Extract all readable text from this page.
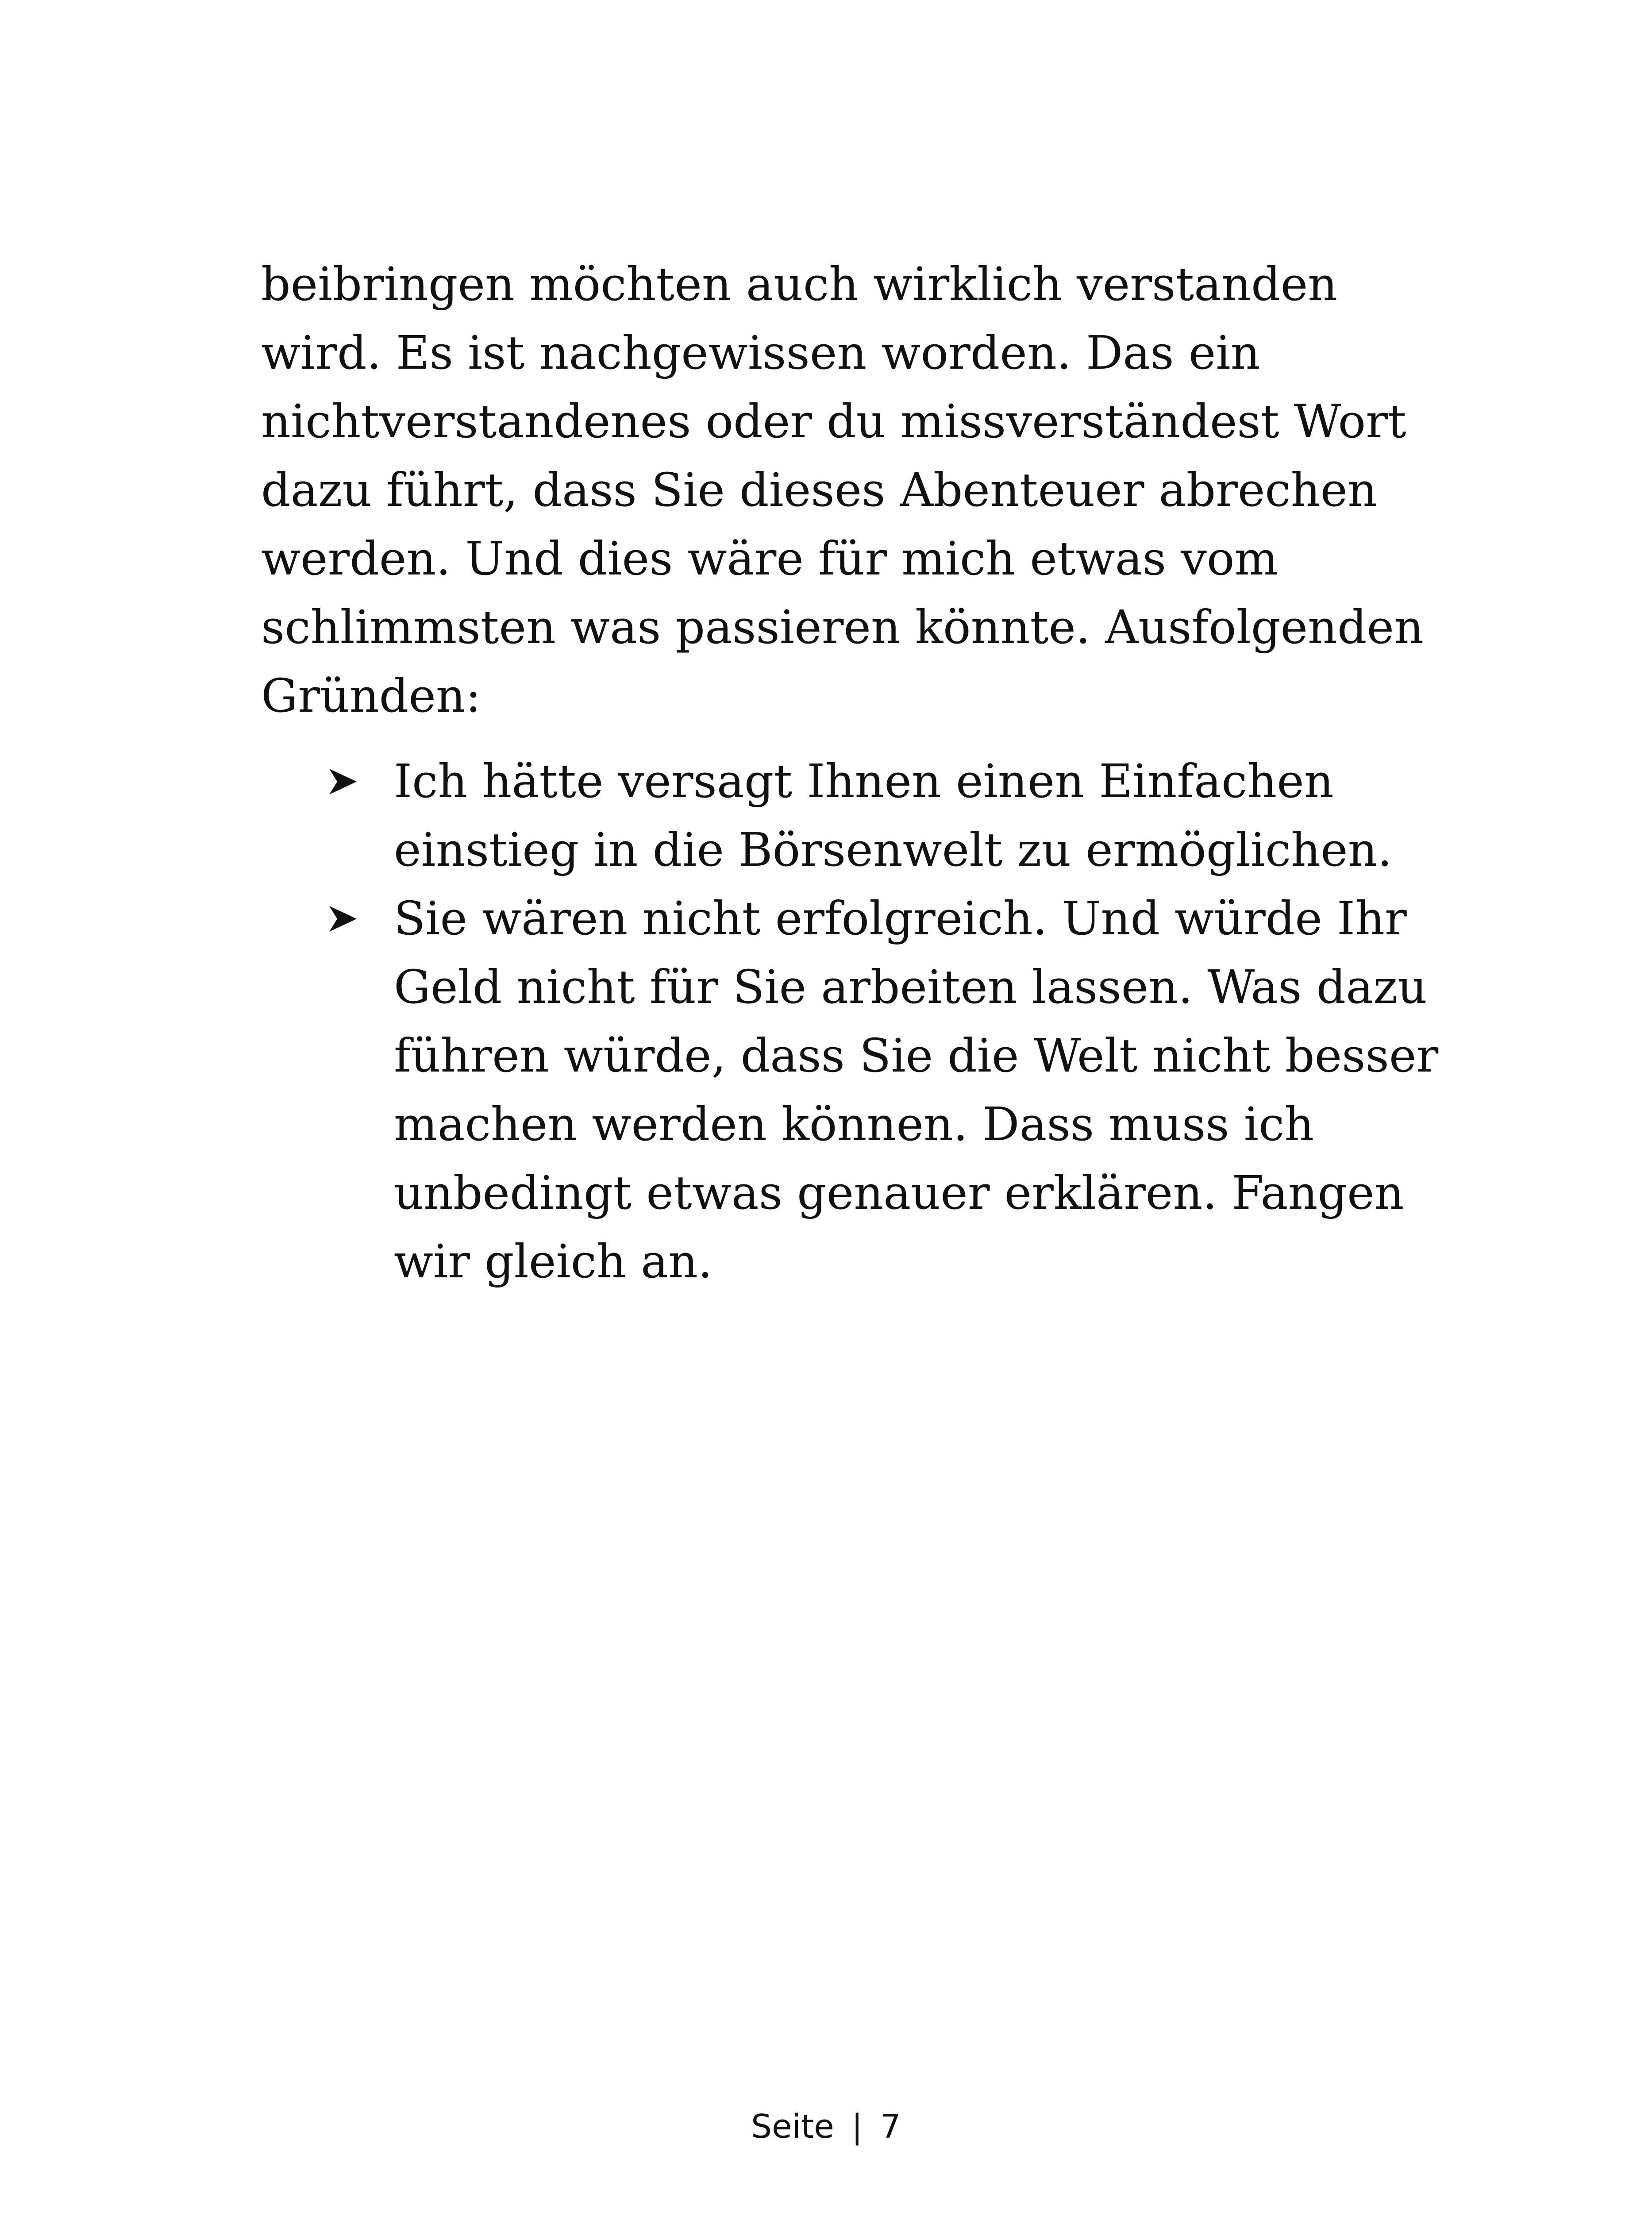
beibringen möchten auch wirklich verstanden
wird. Es ist nachgewissen worden. Das ein
nichtverstandenes oder du missverständest Wort
dazu führt, dass Sie dieses Abenteuer abrechen
werden. Und dies wäre für mich etwas vom
schlimmsten was passieren könnte. Ausfolgenden
Gründen:

Ich hätte versagt Ihnen einen Einfachen
einstieg in die Börsenwelt zu ermöglichen.
Sie wären nicht erfolgreich. Und würde Ihr
Geld nicht für Sie arbeiten lassen. Was dazu
führen würde, dass Sie die Welt nicht besser
machen werden können. Dass muss ich
unbedingt etwas genauer erklären. Fangen
wir gleich an.
Seite | 7
